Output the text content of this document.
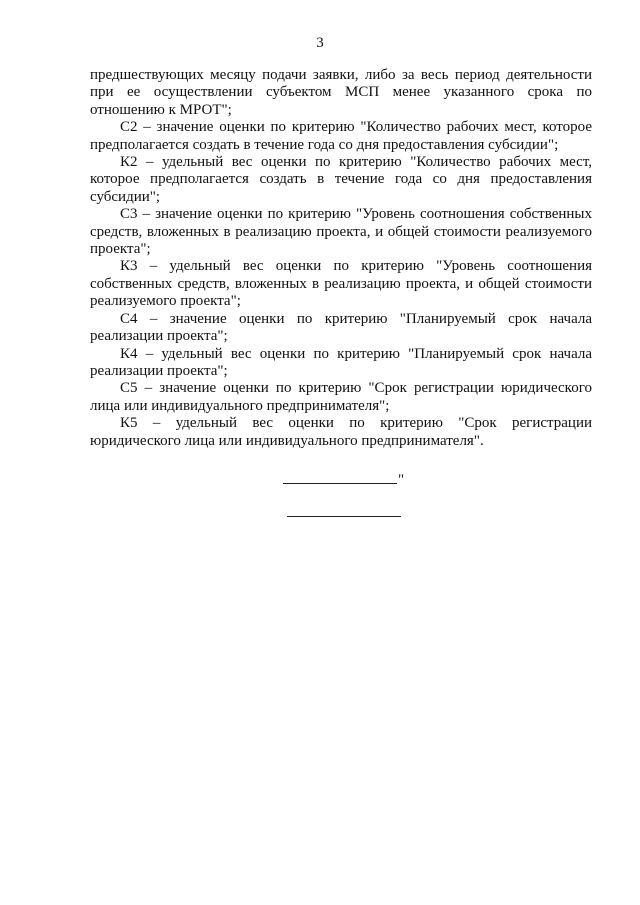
3

предшествующих месяцу подачи заявки, либо за весь период деятельности при ее осуществлении субъектом МСП менее указанного срока по отношению к МРОТ";

С2 – значение оценки по критерию "Количество рабочих мест, которое предполагается создать в течение года со дня предоставления субсидии";

К2 – удельный вес оценки по критерию "Количество рабочих мест, которое предполагается создать в течение года со дня предоставления субсидии";

С3 – значение оценки по критерию "Уровень соотношения собственных средств, вложенных в реализацию проекта, и общей стоимости реализуемого проекта";

К3 – удельный вес оценки по критерию "Уровень соотношения собственных средств, вложенных в реализацию проекта, и общей стоимости реализуемого проекта";

С4 – значение оценки по критерию "Планируемый срок начала реализации проекта";

К4 – удельный вес оценки по критерию "Планируемый срок начала реализации проекта";

С5 – значение оценки по критерию "Срок регистрации юридического лица или индивидуального предпринимателя";

К5 – удельный вес оценки по критерию "Срок регистрации юридического лица или индивидуального предпринимателя".

"
